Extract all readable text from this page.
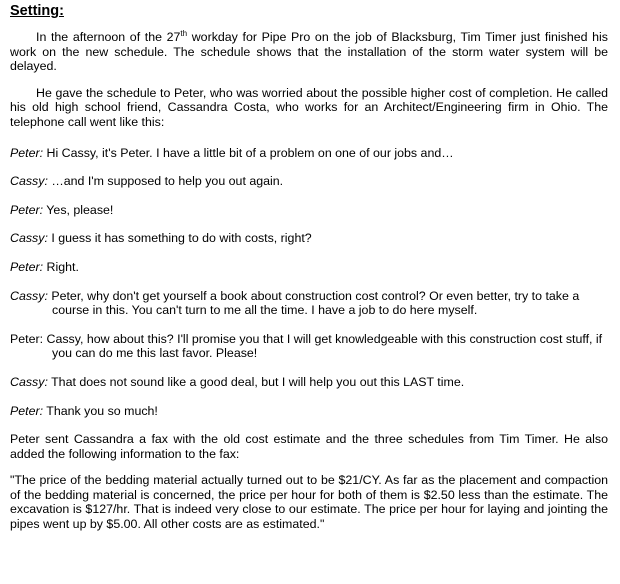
Setting:

In the afternoon of the 27th workday for Pipe Pro on the job of Blacksburg, Tim Timer just finished his work on the new schedule. The schedule shows that the installation of the storm water system will be delayed.

He gave the schedule to Peter, who was worried about the possible higher cost of completion. He called his old high school friend, Cassandra Costa, who works for an Architect/Engineering firm in Ohio. The telephone call went like this:

Peter: Hi Cassy, it's Peter. I have a little bit of a problem on one of our jobs and…

Cassy: …and I'm supposed to help you out again.

Peter: Yes, please!

Cassy: I guess it has something to do with costs, right?

Peter: Right.

Cassy: Peter, why don't get yourself a book about construction cost control? Or even better, try to take a course in this. You can't turn to me all the time. I have a job to do here myself.

Peter: Cassy, how about this? I'll promise you that I will get knowledgeable with this construction cost stuff, if you can do me this last favor. Please!

Cassy: That does not sound like a good deal, but I will help you out this LAST time.

Peter: Thank you so much!

Peter sent Cassandra a fax with the old cost estimate and the three schedules from Tim Timer. He also added the following information to the fax:

"The price of the bedding material actually turned out to be $21/CY. As far as the placement and compaction of the bedding material is concerned, the price per hour for both of them is $2.50 less than the estimate. The excavation is $127/hr. That is indeed very close to our estimate. The price per hour for laying and jointing the pipes went up by $5.00. All other costs are as estimated."
